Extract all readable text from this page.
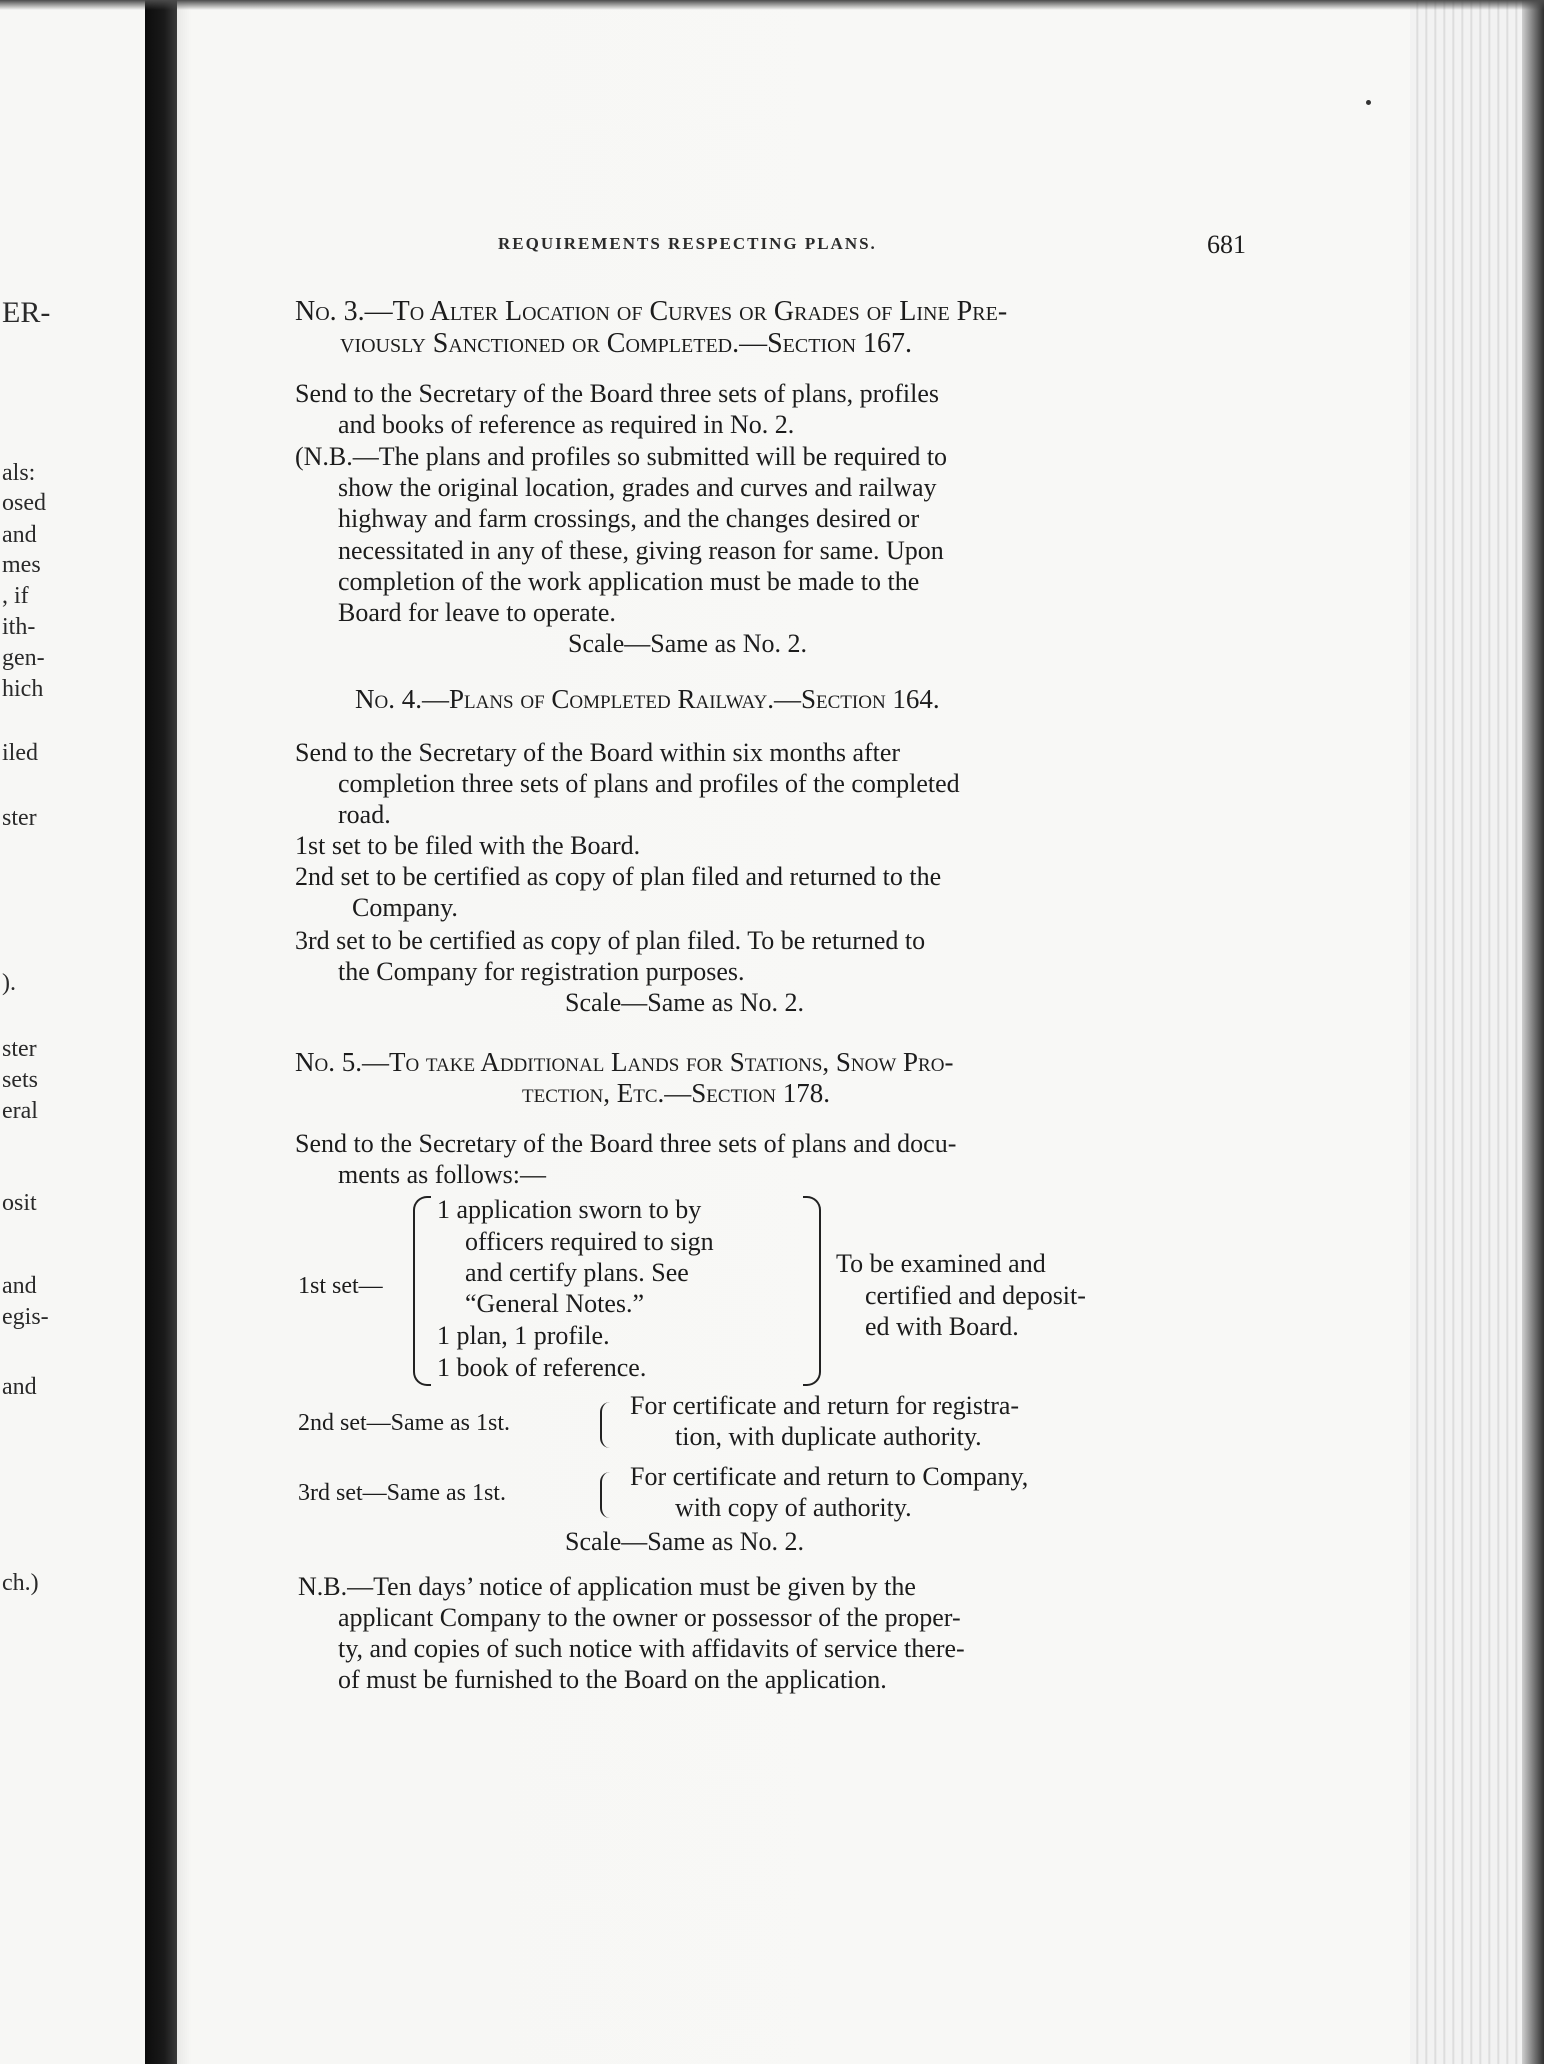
ER-
als:
osed
and
mes
, if
ith-
gen-
hich
iled
ster
).
ster
sets
eral
osit
and
egis-
and
ch.)
REQUIREMENTS RESPECTING PLANS.	681
No. 3.—To Alter Location of Curves or Grades of Line Pre-
viously Sanctioned or Completed.—Section 167.
Send to the Secretary of the Board three sets of plans, profiles
and books of reference as required in No. 2.
(N.B.—The plans and profiles so submitted will be required to
show the original location, grades and curves and railway
highway and farm crossings, and the changes desired or
necessitated in any of these, giving reason for same. Upon
completion of the work application must be made to the
Board for leave to operate.
Scale—Same as No. 2.
No. 4.—Plans of Completed Railway.—Section 164.
Send to the Secretary of the Board within six months after
completion three sets of plans and profiles of the completed
road.
1st set to be filed with the Board.
2nd set to be certified as copy of plan filed and returned to the
Company.
3rd set to be certified as copy of plan filed. To be returned to
the Company for registration purposes.
Scale—Same as No. 2.
No. 5.—To take Additional Lands for Stations, Snow Pro-
tection, Etc.—Section 178.
Send to the Secretary of the Board three sets of plans and docu-
ments as follows:—
1st set—
1 application sworn to by
officers required to sign
and certify plans. See
“General Notes.”
1 plan, 1 profile.
1 book of reference.
To be examined and
certified and deposit-
ed with Board.
2nd set—Same as 1st.
For certificate and return for registra-
tion, with duplicate authority.
3rd set—Same as 1st.
For certificate and return to Company,
with copy of authority.
Scale—Same as No. 2.
N.B.—Ten days’ notice of application must be given by the
applicant Company to the owner or possessor of the proper-
ty, and copies of such notice with affidavits of service there-
of must be furnished to the Board on the application.
